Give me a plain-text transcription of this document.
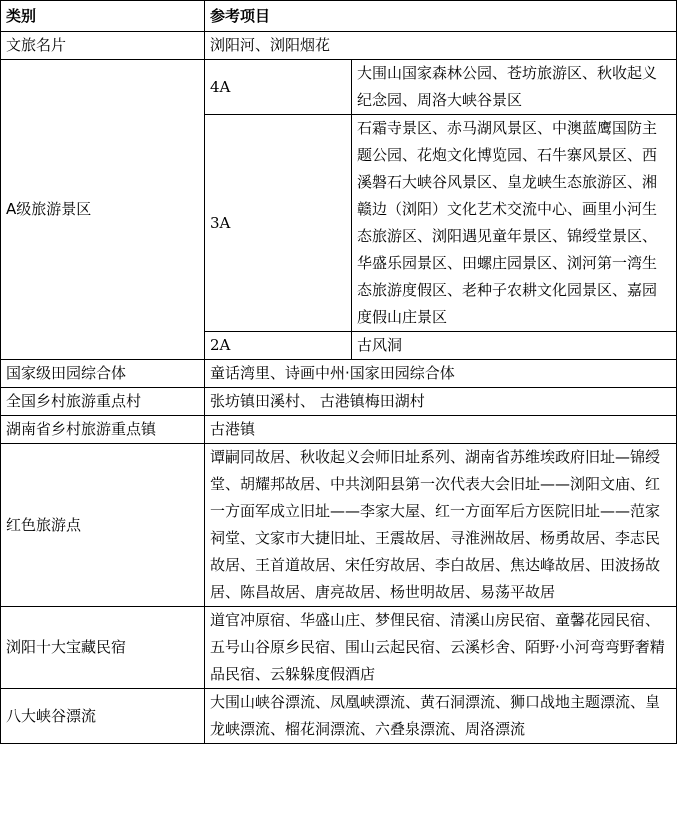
类别	参考项目	
文旅名片	浏阳河、浏阳烟花	
A级旅游景区	4A	大围山国家森林公园、苍坊旅游区、秋收起义纪念园、周洛大峡谷景区
	3A	石霜寺景区、赤马湖风景区、中澳蓝鹰国防主题公园、花炮文化博览园、石牛寨风景区、西溪磐石大峡谷风景区、皇龙峡生态旅游区、湘赣边（浏阳）文化艺术交流中心、画里小河生态旅游区、浏阳遇见童年景区、锦绶堂景区、华盛乐园景区、田螺庄园景区、浏河第一湾生态旅游度假区、老种子农耕文化园景区、嘉园度假山庄景区
	2A	古风洞
国家级田园综合体	童话湾里、诗画中州·国家田园综合体	
全国乡村旅游重点村	张坊镇田溪村、 古港镇梅田湖村	
湖南省乡村旅游重点镇	古港镇	
红色旅游点	谭嗣同故居、秋收起义会师旧址系列、湖南省苏维埃政府旧址—锦绶堂、胡耀邦故居、中共浏阳县第一次代表大会旧址——浏阳文庙、红一方面军成立旧址——李家大屋、红一方面军后方医院旧址——范家祠堂、文家市大捷旧址、王震故居、寻淮洲故居、杨勇故居、李志民故居、王首道故居、宋任穷故居、李白故居、焦达峰故居、田波扬故居、陈昌故居、唐亮故居、杨世明故居、易荡平故居	
浏阳十大宝藏民宿	道官冲原宿、华盛山庄、梦俚民宿、清溪山房民宿、童馨花园民宿、五号山谷原乡民宿、围山云起民宿、云溪杉舍、陌野·小河弯弯野奢精品民宿、云躲躲度假酒店	
八大峡谷漂流	大围山峡谷漂流、凤凰峡漂流、黄石洞漂流、狮口战地主题漂流、皇龙峡漂流、榴花洞漂流、六叠泉漂流、周洛漂流	
